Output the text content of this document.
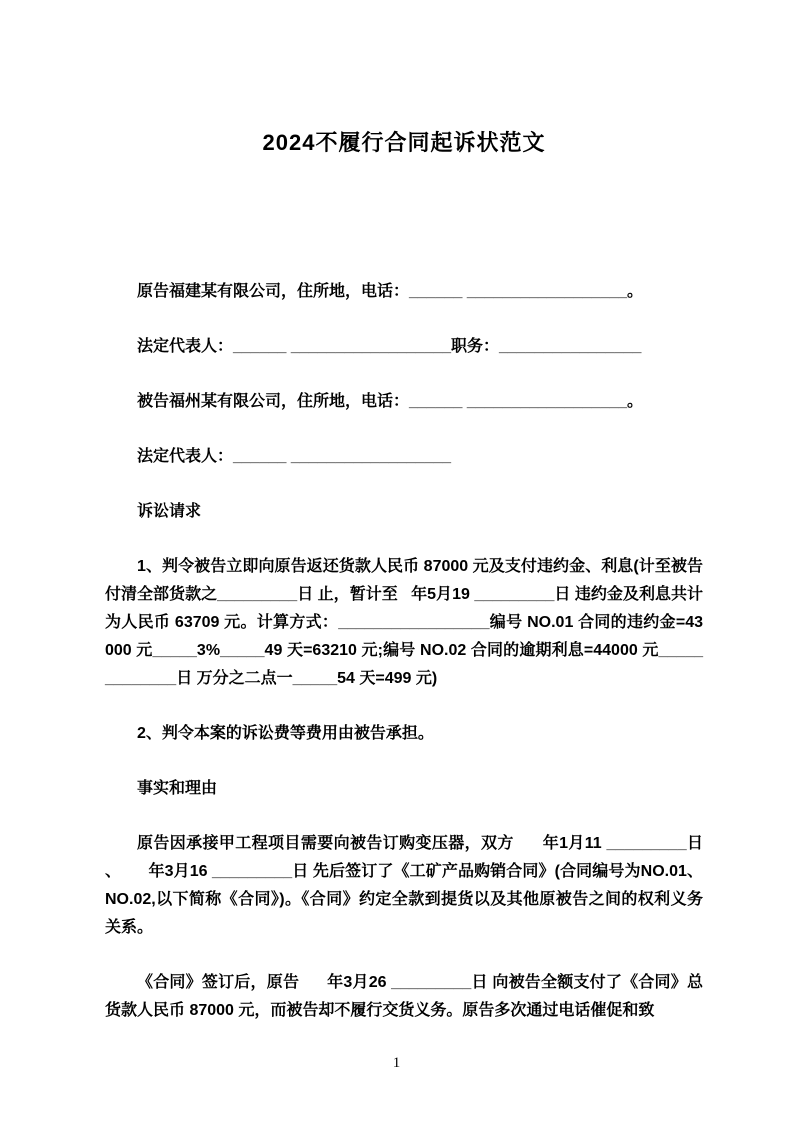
2024不履行合同起诉状范文

原告福建某有限公司，住所地，电话：______ __________________。

法定代表人：______ __________________职务：________________

被告福州某有限公司，住所地，电话：______ __________________。

法定代表人：______ __________________

诉讼请求

1、判令被告立即向原告返还货款人民币 87000 元及支付违约金、利息(计至被告付清全部货款之_________日 止，暂计至   年5月19 _________日 违约金及利息共计为人民币 63709 元。计算方式：_________________编号 NO.01 合同的违约金=43000 元_____3%_____49 天=63210 元;编号 NO.02 合同的逾期利息=44000 元_____________日 万分之二点一_____54 天=499 元)

2、判令本案的诉讼费等费用由被告承担。

事实和理由

原告因承接甲工程项目需要向被告订购变压器，双方      年1月11 _________日 、      年3月16 _________日 先后签订了《工矿产品购销合同》(合同编号为NO.01、NO.02,以下简称《合同》)。《合同》约定全款到提货以及其他原被告之间的权利义务关系。

《合同》签订后，原告      年3月26 _________日 向被告全额支付了《合同》总货款人民币 87000 元，而被告却不履行交货义务。原告多次通过电话催促和致

1
